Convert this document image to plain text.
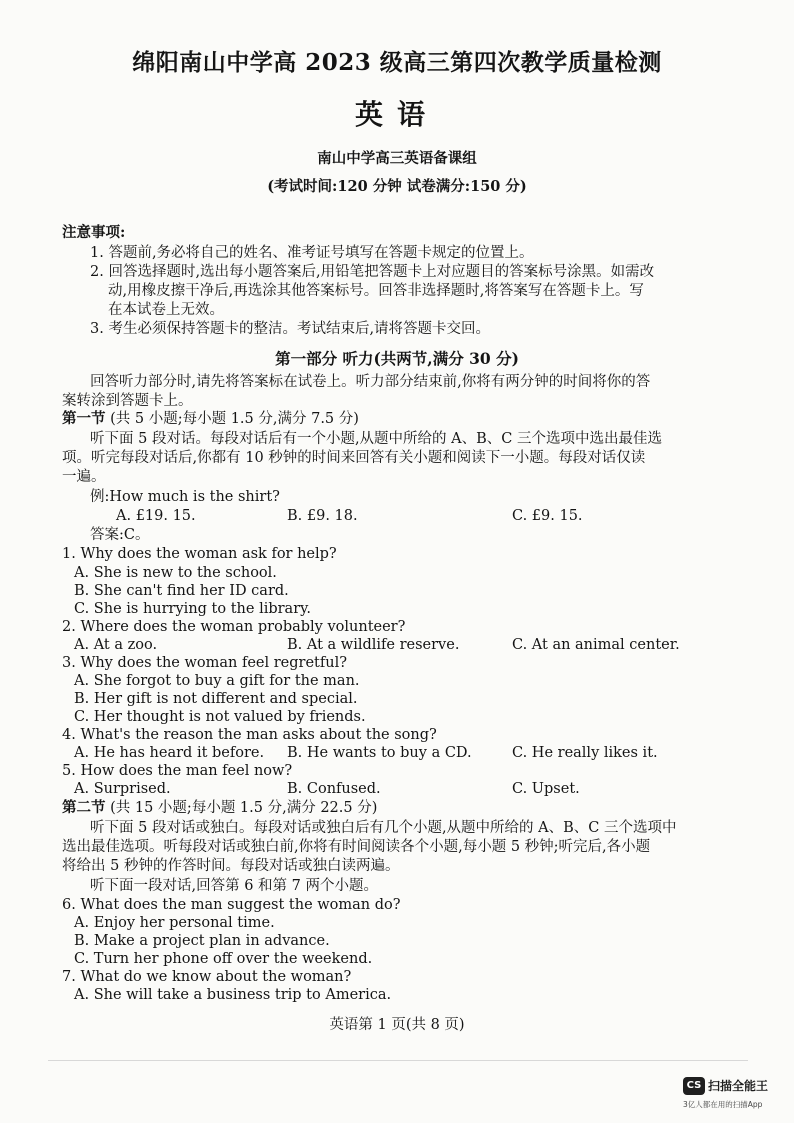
绵阳南山中学高 2023 级高三第四次教学质量检测
英语
南山中学高三英语备课组
(考试时间:120 分钟 试卷满分:150 分)
注意事项:
1. 答题前,务必将自己的姓名、准考证号填写在答题卡规定的位置上。
2. 回答选择题时,选出每小题答案后,用铅笔把答题卡上对应题目的答案标号涂黑。如需改
动,用橡皮擦干净后,再选涂其他答案标号。回答非选择题时,将答案写在答题卡上。写
在本试卷上无效。
3. 考生必须保持答题卡的整洁。考试结束后,请将答题卡交回。
第一部分 听力(共两节,满分 30 分)
回答听力部分时,请先将答案标在试卷上。听力部分结束前,你将有两分钟的时间将你的答
案转涂到答题卡上。
第一节 (共 5 小题;每小题 1.5 分,满分 7.5 分)
听下面 5 段对话。每段对话后有一个小题,从题中所给的 A、B、C 三个选项中选出最佳选
项。听完每段对话后,你都有 10 秒钟的时间来回答有关小题和阅读下一小题。每段对话仅读
一遍。
例:How much is the shirt?
A. £19. 15.	B. £9. 18.	C. £9. 15.
答案:C。
1. Why does the woman ask for help?
A. She is new to the school.
B. She can't find her ID card.
C. She is hurrying to the library.
2. Where does the woman probably volunteer?
A. At a zoo.	B. At a wildlife reserve.	C. At an animal center.
3. Why does the woman feel regretful?
A. She forgot to buy a gift for the man.
B. Her gift is not different and special.
C. Her thought is not valued by friends.
4. What's the reason the man asks about the song?
A. He has heard it before. B. He wants to buy a CD.	C. He really likes it.
5. How does the man feel now?
A. Surprised.	B. Confused.	C. Upset.
第二节 (共 15 小题;每小题 1.5 分,满分 22.5 分)
听下面 5 段对话或独白。每段对话或独白后有几个小题,从题中所给的 A、B、C 三个选项中
选出最佳选项。听每段对话或独白前,你将有时间阅读各个小题,每小题 5 秒钟;听完后,各小题
将给出 5 秒钟的作答时间。每段对话或独白读两遍。
听下面一段对话,回答第 6 和第 7 两个小题。
6. What does the man suggest the woman do?
A. Enjoy her personal time.
B. Make a project plan in advance.
C. Turn her phone off over the weekend.
7. What do we know about the woman?
A. She will take a business trip to America.
英语第 1 页(共 8 页)
CS 扫描全能王
3亿人都在用的扫描App
